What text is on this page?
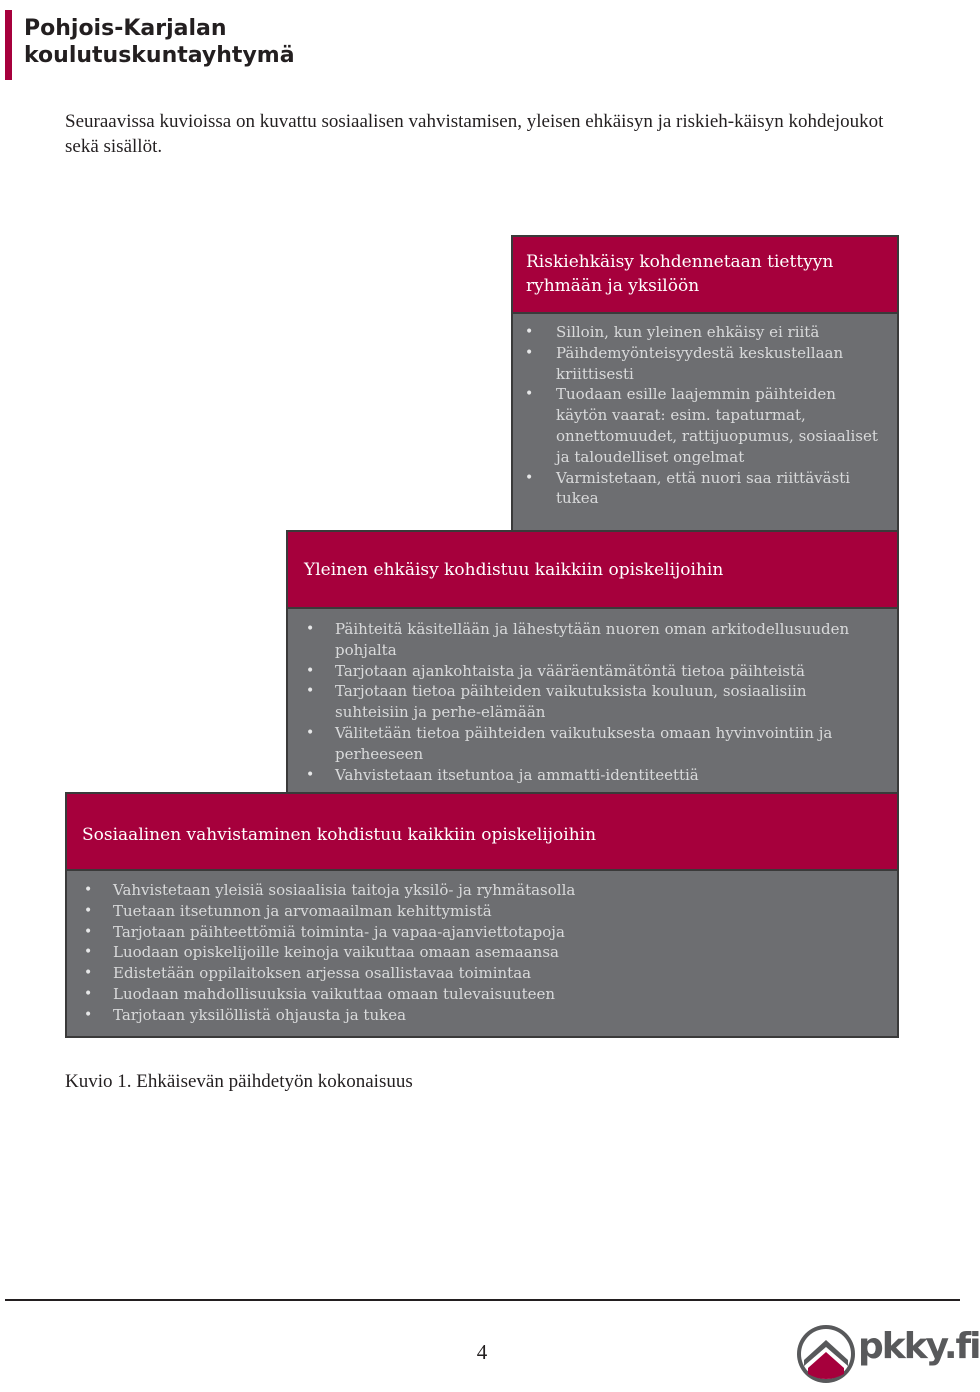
Pohjois-Karjalan
koulutuskuntayhtymä

Seuraavissa kuvioissa on kuvattu sosiaalisen vahvistamisen, yleisen ehkäisyn ja riskieh-käisyn kohdejoukot sekä sisällöt.

Riskiehkäisy kohdennetaan tiettyyn ryhmään ja yksilöön
• Silloin, kun yleinen ehkäisy ei riitä
• Päihdemyönteisyydestä keskustellaan kriittisesti
• Tuodaan esille laajemmin päihteiden käytön vaarat: esim. tapaturmat, onnettomuudet, rattijuopumus, sosiaaliset ja taloudelliset ongelmat
• Varmistetaan, että nuori saa riittävästi tukea
Yleinen ehkäisy kohdistuu kaikkiin opiskelijoihin
• Päihteitä käsitellään ja lähestytään nuoren oman arkitodellusuuden pohjalta
• Tarjotaan ajankohtaista ja vääräentämätöntä tietoa päihteistä
• Tarjotaan tietoa päihteiden vaikutuksista kouluun, sosiaalisiin suhteisiin ja perhe-elämään
• Välitetään tietoa päihteiden vaikutuksesta omaan hyvinvointiin ja perheeseen
• Vahvistetaan itsetuntoa ja ammatti-identiteettiä
Sosiaalinen vahvistaminen kohdistuu kaikkiin opiskelijoihin
• Vahvistetaan yleisiä sosiaalisia taitoja yksilö- ja ryhmätasolla
• Tuetaan itsetunnon ja arvomaailman kehittymistä
• Tarjotaan päihteettömiä toiminta- ja vapaa-ajanviettotapoja
• Luodaan opiskelijoille keinoja vaikuttaa omaan asemaansa
• Edistetään oppilaitoksen arjessa osallistavaa toimintaa
• Luodaan mahdollisuuksia vaikuttaa omaan tulevaisuuteen
• Tarjotaan yksilöllistä ohjausta ja tukea
Kuvio 1. Ehkäisevän päihdetyön kokonaisuus
4	pkky.fi
